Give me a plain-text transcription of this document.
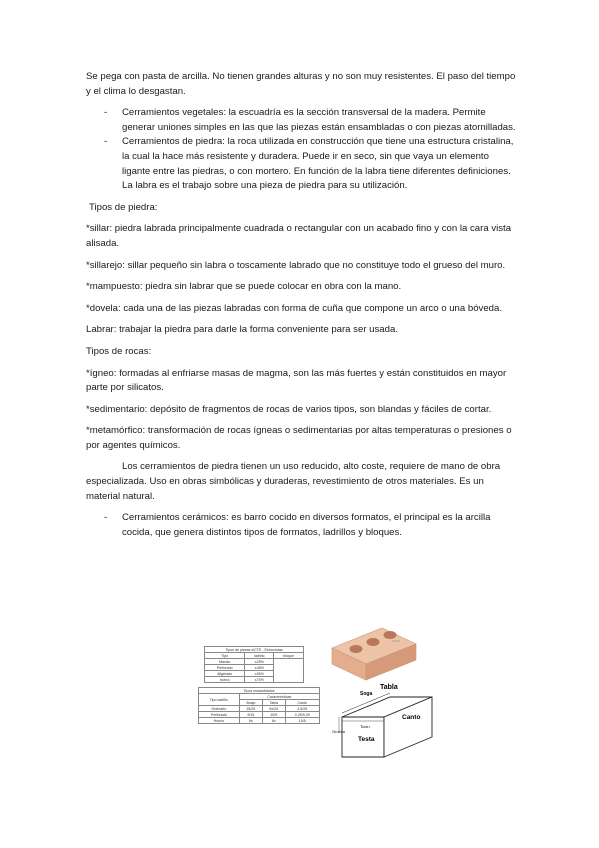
Se pega con pasta de arcilla. No tienen grandes alturas y no son muy resistentes. El paso del tiempo y el clima lo desgastan.

- Cerramientos vegetales: la escuadría es la sección transversal de la madera. Permite generar uniones simples en las que las piezas están ensambladas o con piezas atornilladas.
- Cerramientos de piedra: la roca utilizada en construcción que tiene una estructura cristalina, la cual la hace más resistente y duradera. Puede ir en seco, sin que vaya un elemento ligante entre las piedras, o con mortero. En función de la labra tiene diferentes definiciones. La labra es el trabajo sobre una pieza de piedra para su utilización.

Tipos de piedra:

*sillar: piedra labrada principalmente cuadrada o rectangular con un acabado fino y con la cara vista alisada.

*sillarejo: sillar pequeño sin labra o toscamente labrado que no constituye todo el grueso del muro.

*mampuesto: piedra sin labrar que se puede colocar en obra con la mano.

*dovela: cada una de las piezas labradas con forma de cuña que compone un arco o una bóveda.

Labrar: trabajar la piedra para darle la forma conveniente para ser usada.

Tipos de rocas:

*ígneo: formadas al enfriarse masas de magma, son las más fuertes y están constituidos en mayor parte por silicatos.

*sedimentario: depósito de fragmentos de rocas de varios tipos, son blandas y fáciles de cortar.

*metamórfico: transformación de rocas ígneas o sedimentarias por altas temperaturas o presiones o por agentes químicos.

Los cerramientos de piedra tienen un uso reducido, alto coste, requiere de mano de obra especializada. Uso en obras simbólicas y duraderas, revestimiento de otros materiales. Es un material natural.

- Cerramientos cerámicos: es barro cocido en diversos formatos, el principal es la arcilla cocida, que genera distintos tipos de formatos, ladrillos y bloques.
Tipos de piezas s/CTE - Estructuras		
Tipo	ladrillo	bloque
Macizo	≤25%	
Perforado	≤45%	
Aligerado	≤55%	
hueco	≤70%	
Tipos ensamblados			
Tipo ladrillo	Características		
	Abajo	Tabla	Canto
Ordinario	15/25	5x/25	3,5/25
Perforado	9/15	10/9	0,25/9,25
Hueco	6x	6x	10/5
Soga
Tabla
Canto
Tizón
Grueso
Testa
